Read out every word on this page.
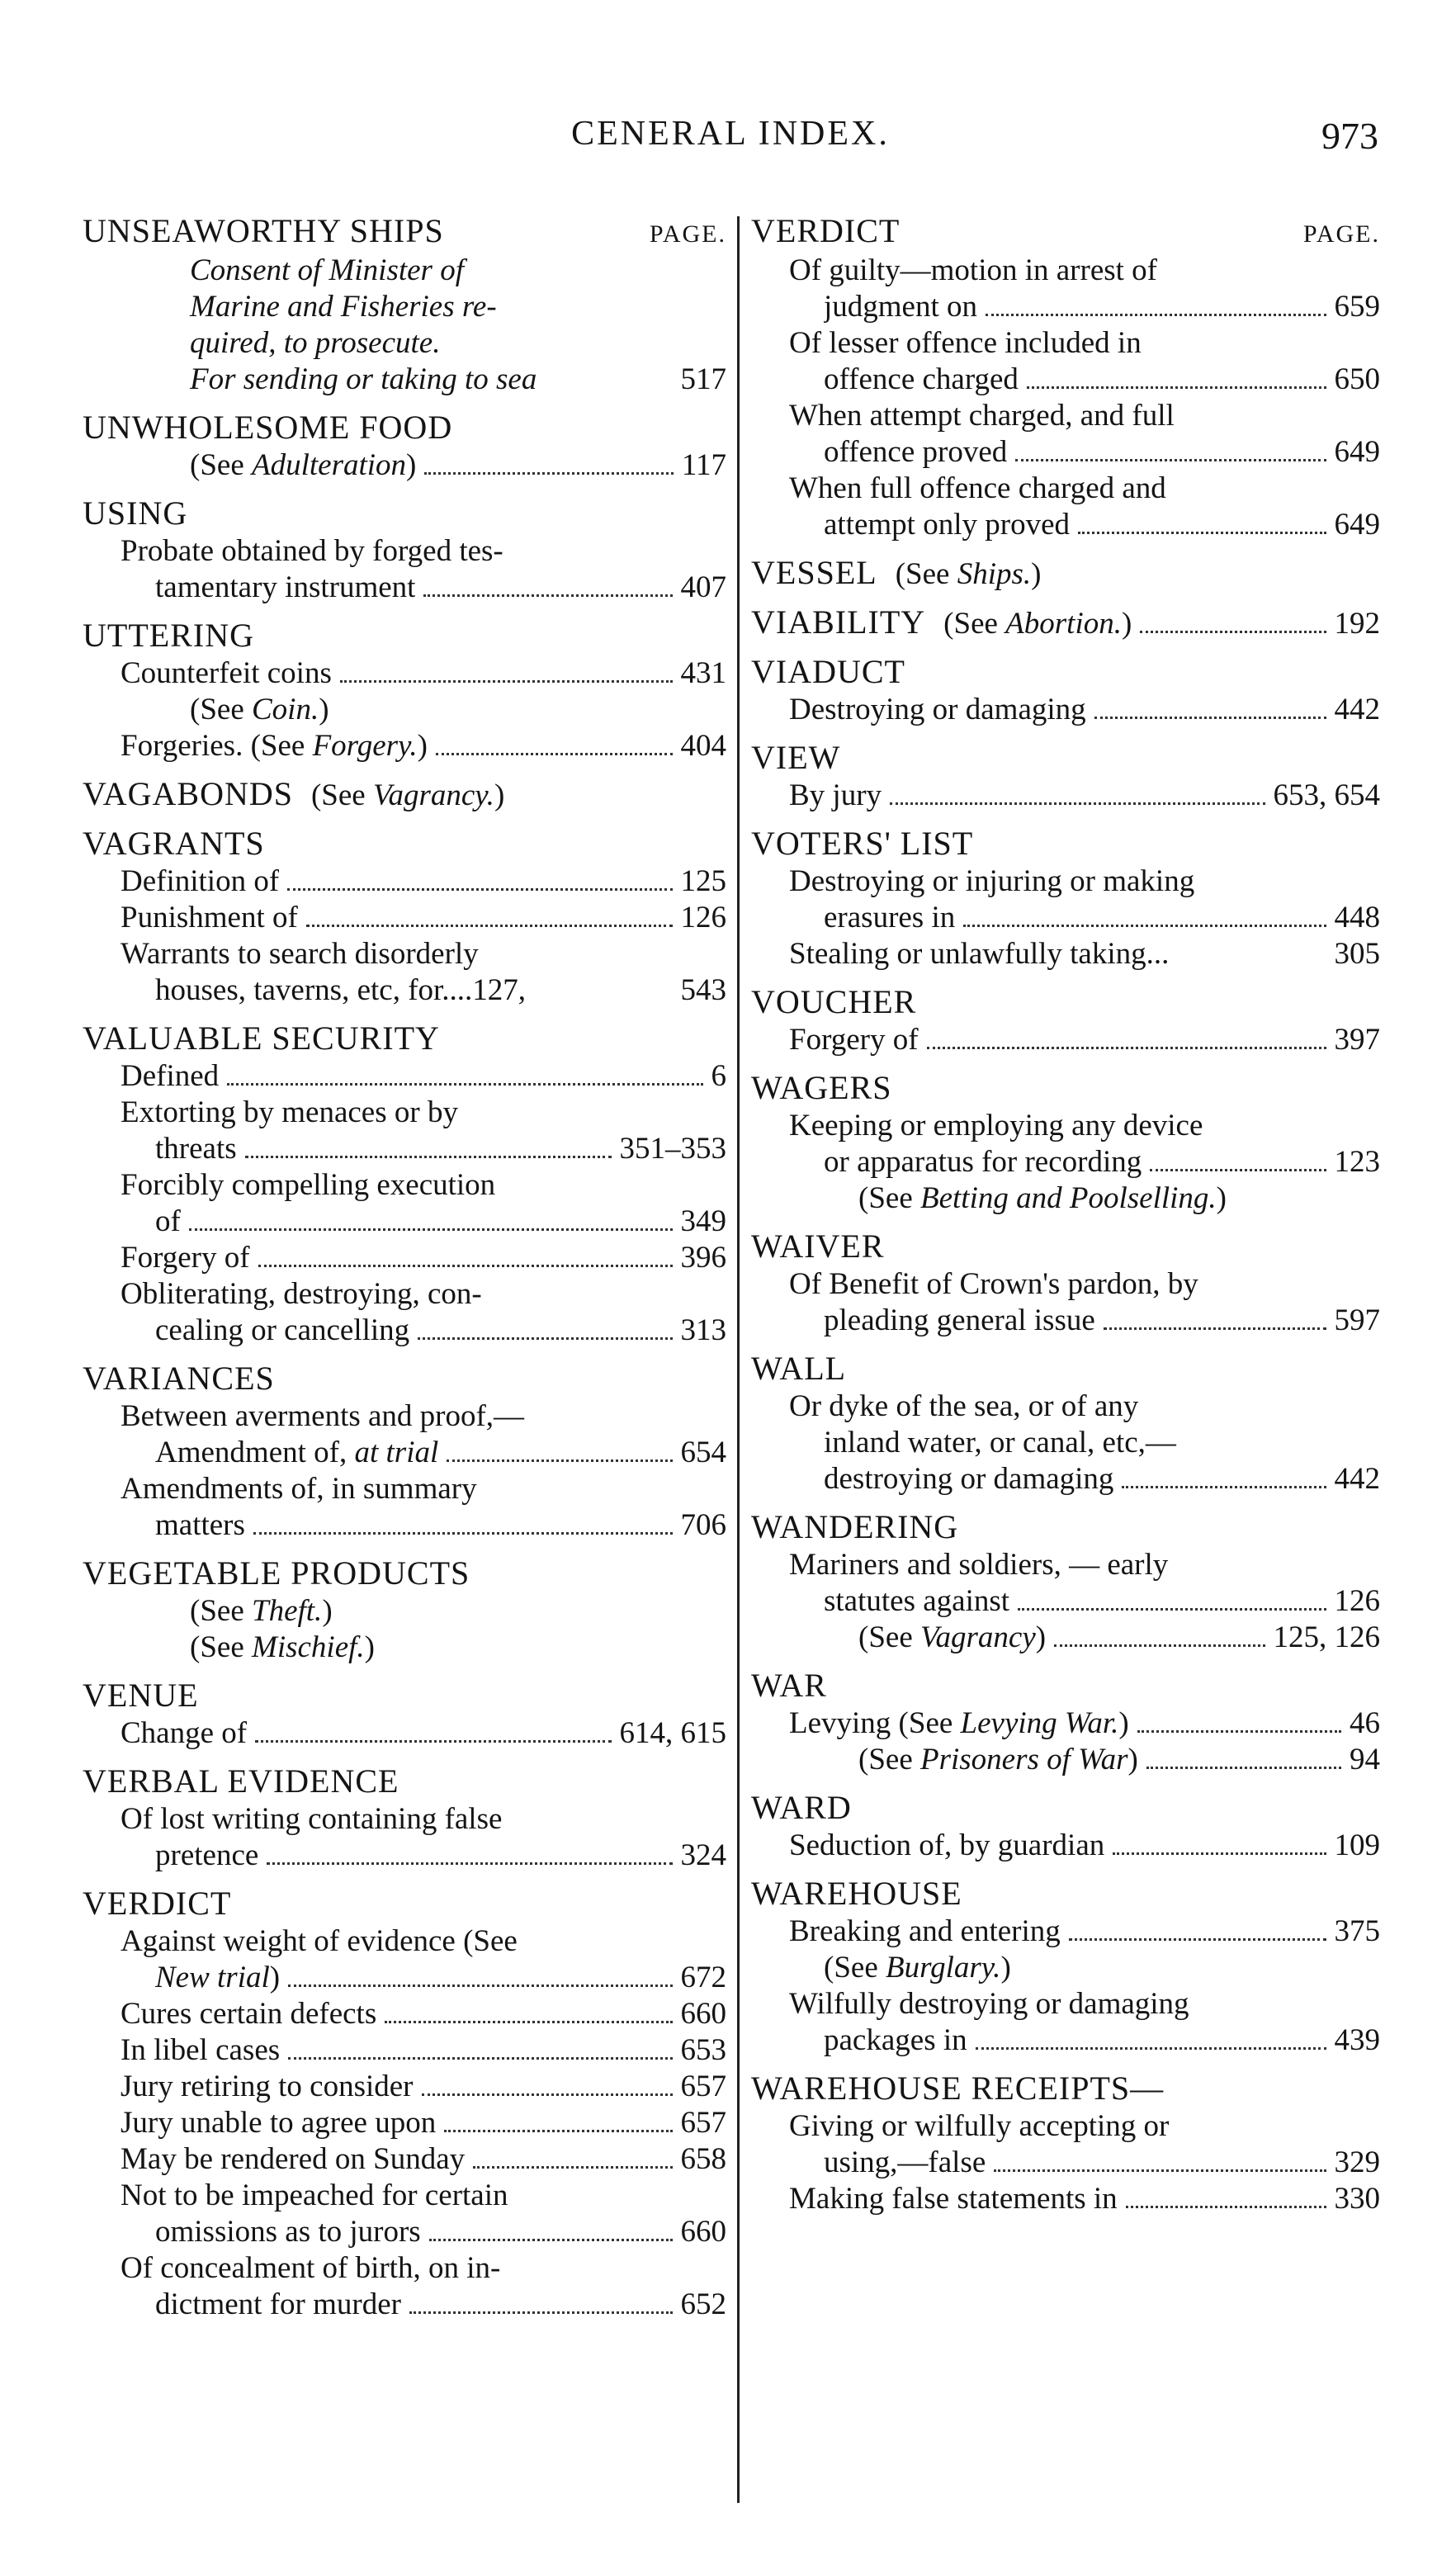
CENERAL INDEX.	973
UNSEAWORTHY SHIPS	PAGE.
Consent of Minister of
Marine and Fisheries re-
quired, to prosecute.
For sending or taking to sea	517
UNWHOLESOME FOOD
(See Adulteration)	117
USING
Probate obtained by forged tes-
tamentary instrument	407
UTTERING
Counterfeit coins	431
(See Coin.)
Forgeries. (See Forgery.)	404
VAGABONDS (See Vagrancy.)
VAGRANTS
Definition of	125
Punishment of	126
Warrants to search disorderly
houses, taverns, etc, for....127,	543
VALUABLE SECURITY
Defined	6
Extorting by menaces or by
threats	351–353
Forcibly compelling execution
of	349
Forgery of	396
Obliterating, destroying, con-
cealing or cancelling	313
VARIANCES
Between averments and proof,—
Amendment of, at trial	654
Amendments of, in summary
matters	706
VEGETABLE PRODUCTS
(See Theft.)
(See Mischief.)
VENUE
Change of	614, 615
VERBAL EVIDENCE
Of lost writing containing false
pretence	324
VERDICT
Against weight of evidence (See
New trial)	672
Cures certain defects	660
In libel cases	653
Jury retiring to consider	657
Jury unable to agree upon	657
May be rendered on Sunday	658
Not to be impeached for certain
omissions as to jurors	660
Of concealment of birth, on in-
dictment for murder	652
VERDICT	PAGE.
Of guilty—motion in arrest of
judgment on	659
Of lesser offence included in
offence charged	650
When attempt charged, and full
offence proved	649
When full offence charged and
attempt only proved	649
VESSEL (See Ships.)
VIABILITY (See Abortion.)	192
VIADUCT
Destroying or damaging	442
VIEW
By jury	653, 654
VOTERS' LIST
Destroying or injuring or making
erasures in	448
Stealing or unlawfully taking...	305
VOUCHER
Forgery of	397
WAGERS
Keeping or employing any device
or apparatus for recording	123
(See Betting and Poolselling.)
WAIVER
Of Benefit of Crown's pardon, by
pleading general issue	597
WALL
Or dyke of the sea, or of any
inland water, or canal, etc,—
destroying or damaging	442
WANDERING
Mariners and soldiers, — early
statutes against	126
(See Vagrancy)	125, 126
WAR
Levying (See Levying War.)	46
(See Prisoners of War)	94
WARD
Seduction of, by guardian	109
WAREHOUSE
Breaking and entering	375
(See Burglary.)
Wilfully destroying or damaging
packages in	439
WAREHOUSE RECEIPTS—
Giving or wilfully accepting or
using,—false	329
Making false statements in	330
